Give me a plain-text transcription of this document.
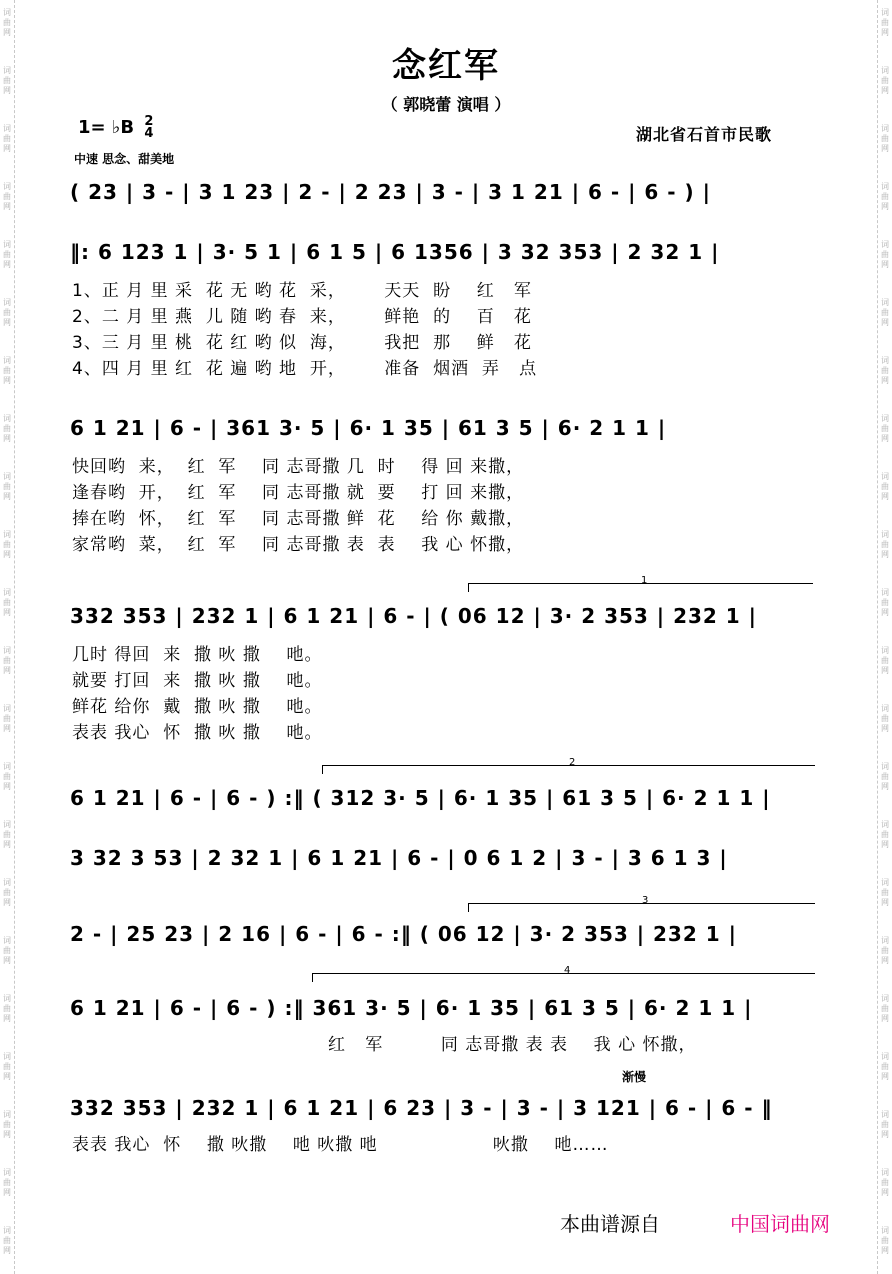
词
曲
网
词
曲
网
词
曲
网
词
曲
网
词
曲
网
词
曲
网
词
曲
网
词
曲
网
词
曲
网
词
曲
网
词
曲
网
词
曲
网
词
曲
网
词
曲
网
词
曲
网
词
曲
网
词
曲
网
词
曲
网
词
曲
网
词
曲
网
词
曲
网
词
曲
网
词
曲
网
词
曲
网
词
曲
网
词
曲
网
词
曲
网
词
曲
网
词
曲
网
词
曲
网
词
曲
网
词
曲
网
词
曲
网
词
曲
网
词
曲
网
词
曲
网
词
曲
网
词
曲
网
词
曲
网
词
曲
网
词
曲
网
词
曲
网
词
曲
网
词
曲
网
念红军
（ 郭晓蕾 演唱 ）
1= ♭B 2
4	湖北省石首市民歌
中速 思念、甜美地
( 23 | 3 - | 3 1 23 | 2 - | 2 23 | 3 - | 3 1 21 | 6 - | 6 - ) |
‖: 6 123 1 | 3· 5 1 | 6 1 5 | 6 1356 | 3 32 353 | 2 32 1 |
1、正 月 里 采  花 无 哟 花  采，      天天  盼    红   军
2、二 月 里 燕  儿 随 哟 春  来，      鲜艳  的    百   花
3、三 月 里 桃  花 红 哟 似  海，      我把  那    鲜   花
4、四 月 里 红  花 遍 哟 地  开，      准备  烟酒  弄   点
6 1 21 | 6 - | 361 3· 5 | 6· 1 35 | 61 3 5 | 6· 2 1 1 |
快回哟  来，  红  军    同 志哥撒 几  时    得 回 来撒，
逢春哟  开，  红  军    同 志哥撒 就  要    打 回 来撒，
捧在哟  怀，  红  军    同 志哥撒 鲜  花    给 你 戴撒，
家常哟  菜，  红  军    同 志哥撒 表  表    我 心 怀撒，
1
332 353 | 232 1 | 6 1 21 | 6 - | ( 06 12 | 3· 2 353 | 232 1 |
几时 得回  来  撒 吙 撒    吔。
就要 打回  来  撒 吙 撒    吔。
鲜花 给你  戴  撒 吙 撒    吔。
表表 我心  怀  撒 吙 撒    吔。
2
6 1 21 | 6 - | 6 - ) :‖ ( 312 3· 5 | 6· 1 35 | 61 3 5 | 6· 2 1 1 |
3 32 3 53 | 2 32 1 | 6 1 21 | 6 - | 0 6 1 2 | 3 - | 3 6 1 3 |
3
2 - | 25 23 | 2 16 | 6 - | 6 - :‖ ( 06 12 | 3· 2 353 | 232 1 |
4
6 1 21 | 6 - | 6 - ) :‖ 361 3· 5 | 6· 1 35 | 61 3 5 | 6· 2 1 1 |
红   军         同 志哥撒 表 表    我 心 怀撒，
渐慢
332 353 | 232 1 | 6 1 21 | 6 23 | 3 - | 3 - | 3 121 | 6 - | 6 - ‖
表表 我心  怀    撒 吙撒    吔 吙撒 吔                  吙撒    吔……
本曲谱源自	中国词曲网
